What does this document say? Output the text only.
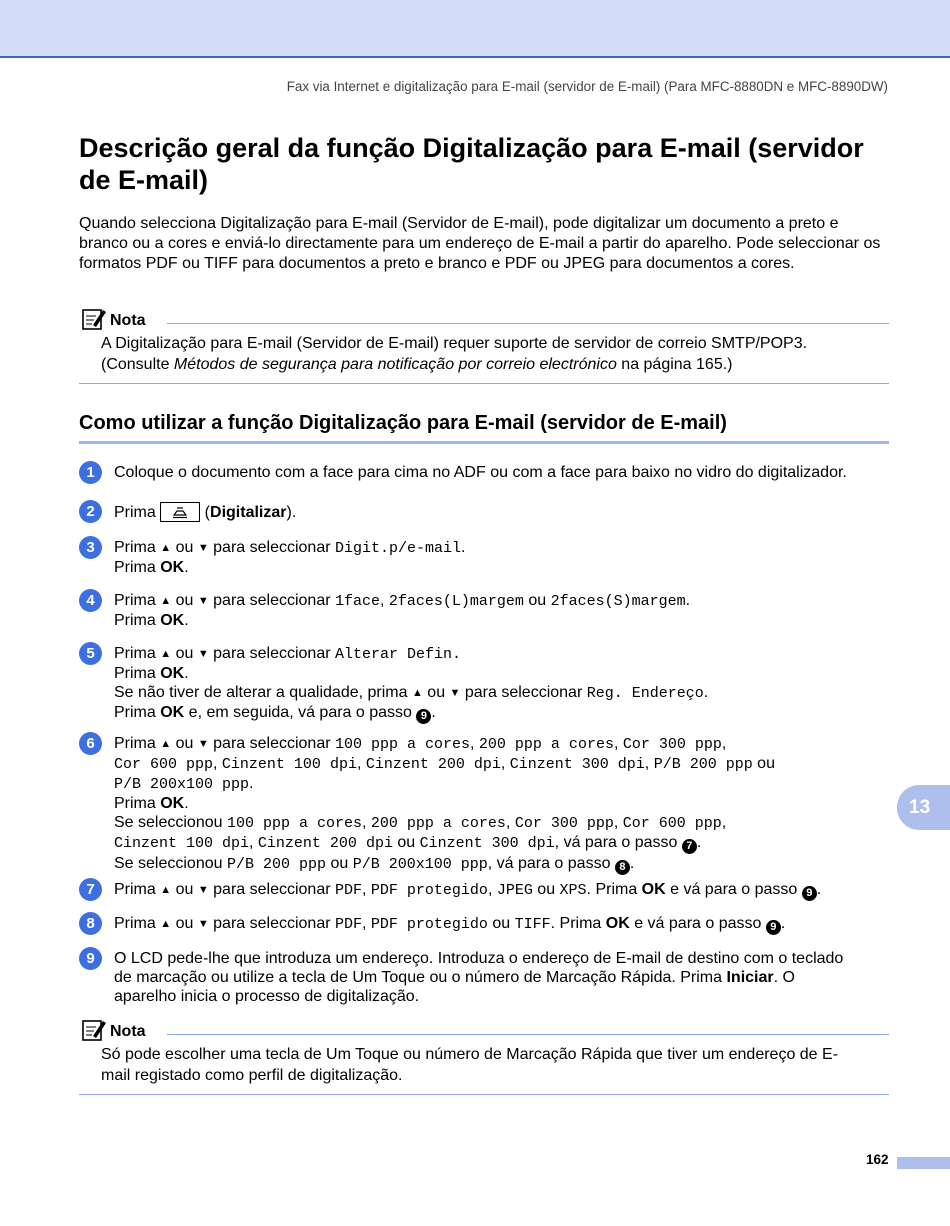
Fax via Internet e digitalização para E-mail (servidor de E-mail) (Para MFC-8880DN e MFC-8890DW)
Descrição geral da função Digitalização para E-mail (servidor de E-mail)

Quando selecciona Digitalização para E-mail (Servidor de E-mail), pode digitalizar um documento a preto e branco ou a cores e enviá-lo directamente para um endereço de E-mail a partir do aparelho. Pode seleccionar os formatos PDF ou TIFF para documentos a preto e branco e PDF ou JPEG para documentos a cores.

Nota

A Digitalização para E-mail (Servidor de E-mail) requer suporte de servidor de correio SMTP/POP3.
(Consulte Métodos de segurança para notificação por correio electrónico na página 165.)

Como utilizar a função Digitalização para E-mail (servidor de E-mail)
1	Coloque o documento com a face para cima no ADF ou com a face para baixo no vidro do digitalizador.
2	Prima	(Digitalizar).
3	Prima ▲ ou ▼ para seleccionar Digit.p/e-mail.
Prima OK.
4	Prima ▲ ou ▼ para seleccionar 1face, 2faces(L)margem ou 2faces(S)margem.
Prima OK.
5	Prima ▲ ou ▼ para seleccionar Alterar Defin.
Prima OK.
Se não tiver de alterar a qualidade, prima ▲ ou ▼ para seleccionar Reg. Endereço.
Prima OK e, em seguida, vá para o passo 9 .
6	Prima ▲ ou ▼ para seleccionar 100 ppp a cores, 200 ppp a cores, Cor 300 ppp,
Cor 600 ppp, Cinzent 100 dpi, Cinzent 200 dpi, Cinzent 300 dpi, P/B 200 ppp ou
P/B 200x100 ppp.
Prima OK.
Se seleccionou 100 ppp a cores, 200 ppp a cores, Cor 300 ppp, Cor 600 ppp,
Cinzent 100 dpi, Cinzent 200 dpi ou Cinzent 300 dpi, vá para o passo 7 .
Se seleccionou P/B 200 ppp ou P/B 200x100 ppp, vá para o passo 8 .
7	Prima ▲ ou ▼ para seleccionar PDF, PDF protegido, JPEG ou XPS. Prima OK e vá para o passo 9 .
8	Prima ▲ ou ▼ para seleccionar PDF, PDF protegido ou TIFF. Prima OK e vá para o passo 9 .
9	O LCD pede-lhe que introduza um endereço. Introduza o endereço de E-mail de destino com o teclado
de marcação ou utilize a tecla de Um Toque ou o número de Marcação Rápida. Prima Iniciar. O
aparelho inicia o processo de digitalização.
Nota

Só pode escolher uma tecla de Um Toque ou número de Marcação Rápida que tiver um endereço de E-
mail registado como perfil de digitalização.

13
162
